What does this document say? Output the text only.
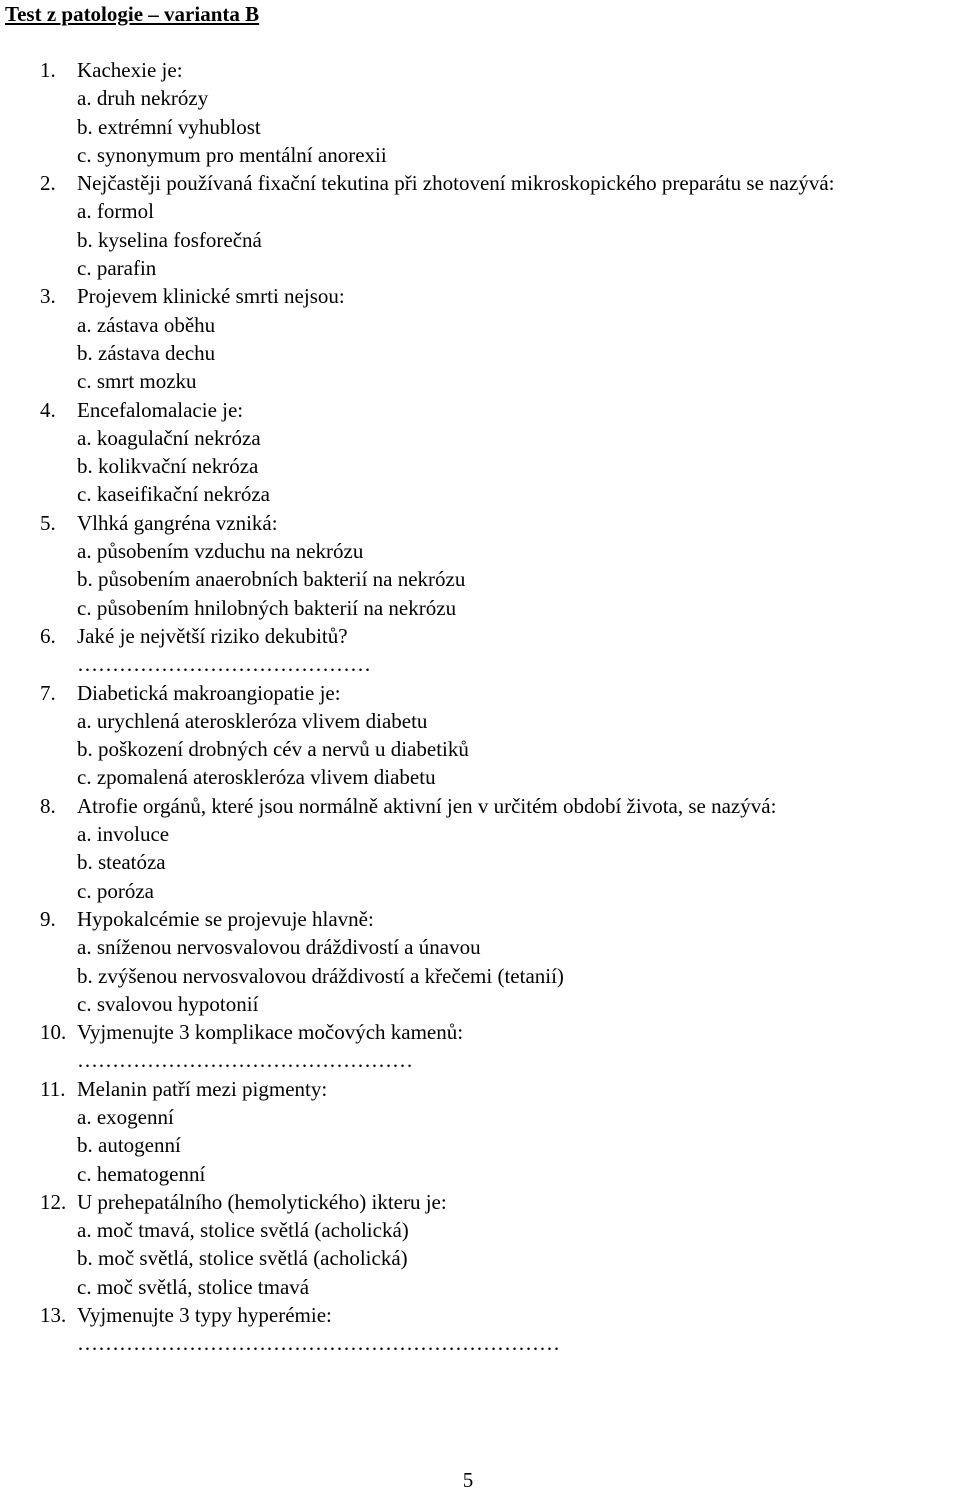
Test z patologie – varianta B
1. Kachexie je:
a. druh nekrózy
b. extrémní vyhublost
c. synonymum pro mentální anorexii
2. Nejčastěji používaná fixační tekutina při zhotovení mikroskopického preparátu se nazývá:
a. formol
b. kyselina fosforečná
c. parafin
3. Projevem klinické smrti nejsou:
a. zástava oběhu
b. zástava dechu
c. smrt mozku
4. Encefalomalacie je:
a. koagulační nekróza
b. kolikvační nekróza
c. kaseifikační nekróza
5. Vlhká gangréna vzniká:
a. působením vzduchu na nekrózu
b. působením anaerobních bakterií na nekrózu
c. působením hnilobných bakterií na nekrózu
6. Jaké je největší riziko dekubitů?
……………………………………
7. Diabetická makroangiopatie je:
a. urychlená ateroskleróza vlivem diabetu
b. poškození drobných cév a nervů u diabetiků
c. zpomalená ateroskleróza vlivem diabetu
8. Atrofie orgánů, které jsou normálně aktivní jen v určitém období života, se nazývá:
a. involuce
b. steatóza
c. poróza
9. Hypokalcémie se projevuje hlavně:
a. sníženou nervosvalovou dráždivostí a únavou
b. zvýšenou nervosvalovou dráždivostí a křečemi (tetanií)
c. svalovou hypotonií
10. Vyjmenujte 3 komplikace močových kamenů:
…………………………………………
11. Melanin patří mezi pigmenty:
a. exogenní
b. autogenní
c. hematogenní
12. U prehepatálního (hemolytického) ikteru je:
a. moč tmavá, stolice světlá (acholická)
b. moč světlá, stolice světlá (acholická)
c. moč světlá, stolice tmavá
13. Vyjmenujte 3 typy hyperémie:
……………………………………………………………
5
